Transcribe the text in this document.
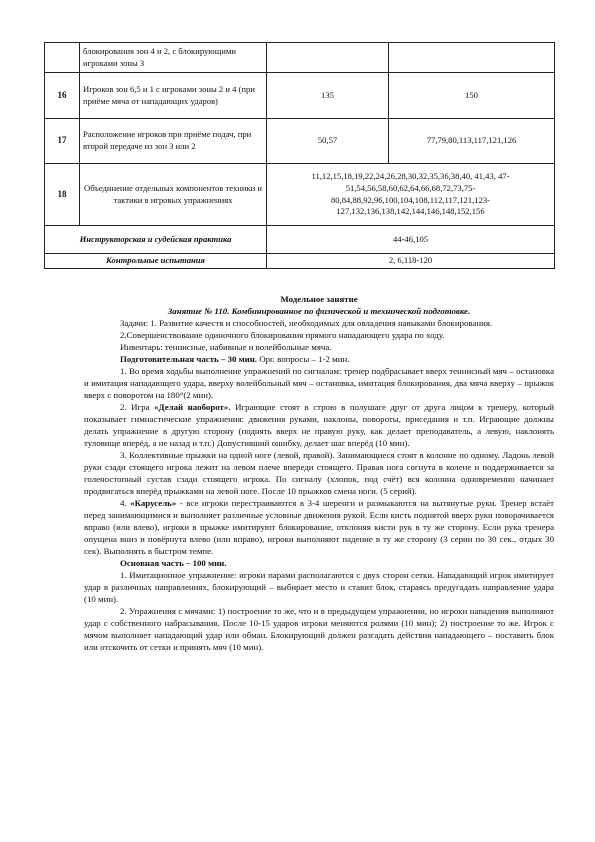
	блокирования зон 4 и 2, с блокирующими игроками зоны 3		
16	Игроков зон 6,5 и 1 с игроками зоны 2 и 4 (при приёме мяча от нападающих ударов)	135	150
17	Расположение игроков при приёме подач, при второй передаче из зон 3 или 2	50,57	77,79,80,113,117,121,126
18	Объединение отдельных компонентов техники и тактики в игровых упражнениях	11,12,15,18,19,22,24,26,28,30,32,35,36,38,40, 41,43, 47-51,54,56,58,60,62,64,66,68,72,73,75-80,84,88,92,96,100,104,108,112,117,121,123-127,132,136,138,142,144,146,148,152,156	
Инструкторская и судейская практика		44-46,105	
Контрольные испытания		2, 6,118-120	

Модельное занятие

Занятие № 110. Комбинированное по физической и технической подготовке.

Задачи: 1. Развитие качеств и способностей, необходимых для овладения навыками блокирования.

2.Совершенствование одиночного блокирования прямого нападающего удара по ходу.

Инвентарь: теннисные, набивные и волейбольные мяча.

Подготовительная часть – 30 мин. Орг. вопросы – 1-2 мин.

1. Во время ходьбы выполнение упражнений по сигналам: тренер подбрасывает вверх теннисный мяч – остановка и имитация нападающего удара, вверху волейбольный мяч – остановка, имитация блокирования, два мяча вверху – прыжок вверх с поворотом на 180°(2 мин).

2. Игра «Делай наоборот». Играющие стоят в строю в полушаге друг от друга лицом к тренеру, который показывает гимнастические упражнения: движения руками, наклоны, повороты, приседания и т.п. Играющие должны делать упражнение в другую сторону (поднять вверх не правую руку, как делает преподаватель, а левую, наклонять туловище вперёд, а не назад и т.п.) Допустивший ошибку, делает шаг вперёд (10 мин).

3. Коллективные прыжки на одной ноге (левой, правой). Занимающиеся стоят в колонне по одному. Ладонь левой руки сзади стоящего игрока лежит на левом плече впереди стоящего. Правая нога согнута в колене и поддерживается за голеностопный сустав сзади стоящего игрока. По сигналу (хлопок, под счёт) вся колонна одновременно начинает продвигаться вперёд прыжками на левой ноге. После 10 прыжков смена ноги. (5 серий).

4. «Карусель» - все игроки перестраиваются в 3-4 шеренги и размыкаются на вытянутые руки. Тренер встаёт перед занимающимися и выполняет различные условные движения рукой. Если кисть поднятой вверх руки поворачивается вправо (или влево), игроки в прыжке имитируют блокирование, отклоняя кисти рук в ту же сторону. Если рука тренера опущена вниз и повёрнута влево (или вправо), игроки выполняют падение в ту же сторону (3 серии по 30 сек., отдых 30 сек). Выполнять в быстром темпе.

Основная часть – 100 мин.

1. Имитационное упражнение: игроки парами располагаются с двух сторон сетки. Нападающий игрок имитирует удар в различных направлениях, блокирующий – выбирает место и ставит блок, стараясь предугадать направление удара (10 мин).

2. Упражнения с мячами: 1) построение то же, что и в предыдущем упражнении, но игроки нападения выполняют удар с собственного набрасывания. После 10-15 ударов игроки меняются ролями (10 мин); 2) построение то же. Игрок с мячом выполняет нападающий удар или обман. Блокирующий должен разгадать действия нападающего – поставить блок или отскочить от сетки и принять мяч (10 мин).
